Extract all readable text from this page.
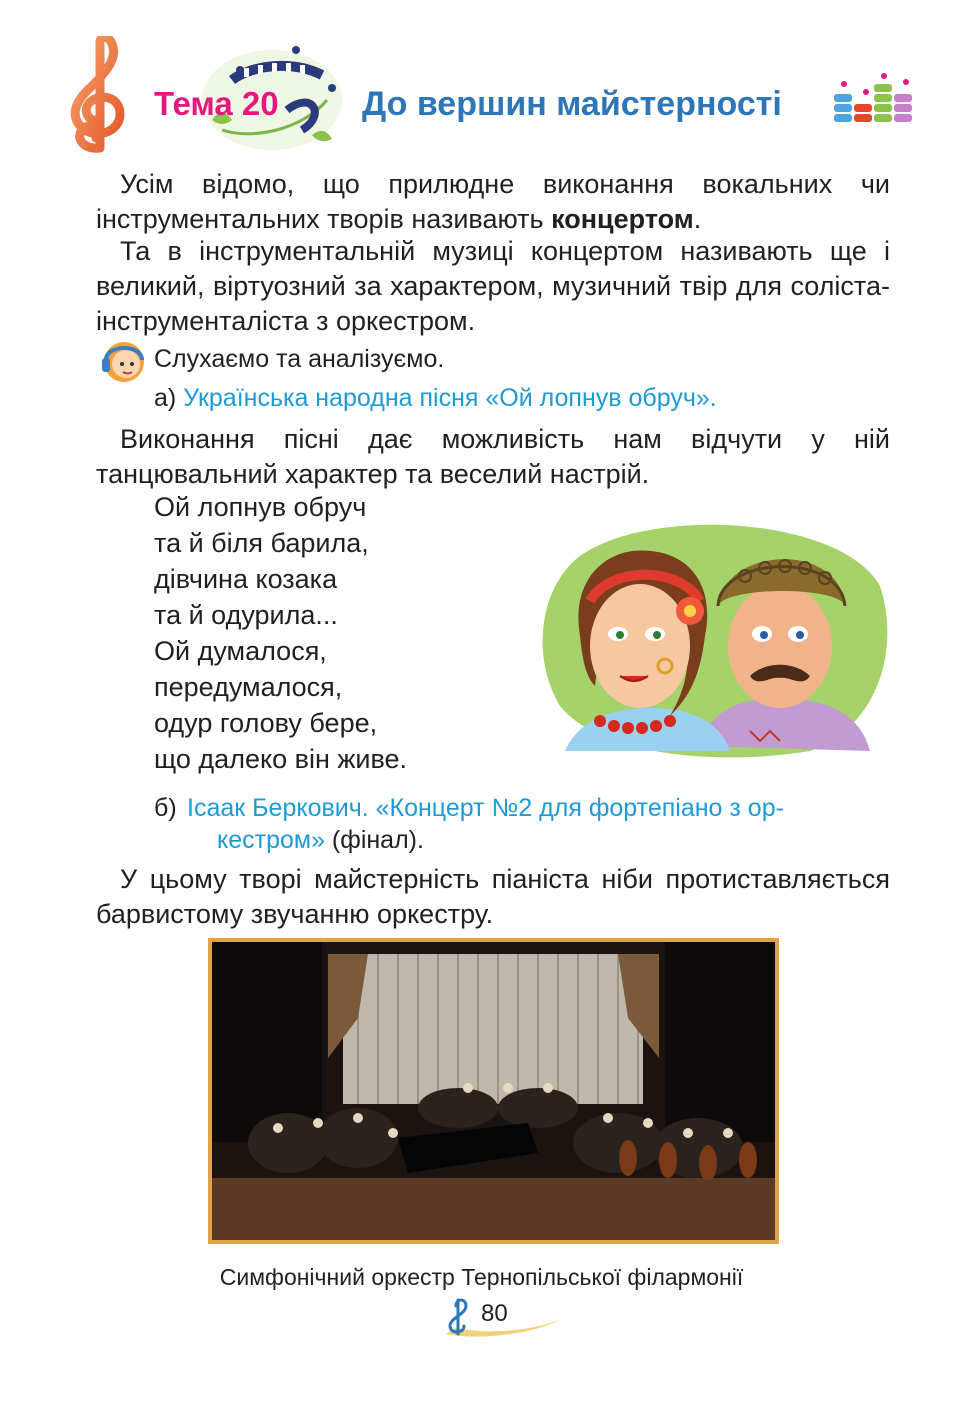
Тема 20 До вершин майстерності
Усім відомо, що прилюдне виконання вокальних чи інструментальних творів називають концертом.
Та в інструментальній музиці концертом називають ще і великий, віртуозний за характером, музичний твір для соліста-інструменталіста з оркестром.
Слухаємо та аналізуємо.
а) Українська народна пісня «Ой лопнув обруч».
Виконання пісні дає можливість нам відчути у ній танцювальний характер та веселий настрій.
Ой лопнув обруч
та й біля барила,
дівчина козака
та й одурила...
Ой думалося,
передумалося,
одур голову бере,
що далеко він живе.
б) Ісаак Беркович. «Концерт №2 для фортепіано з ор-
кестром» (фінал).
У цьому творі майстерність піаніста ніби протиставляється барвистому звучанню оркестру.
Симфонічний оркестр Тернопільської філармонії
80
